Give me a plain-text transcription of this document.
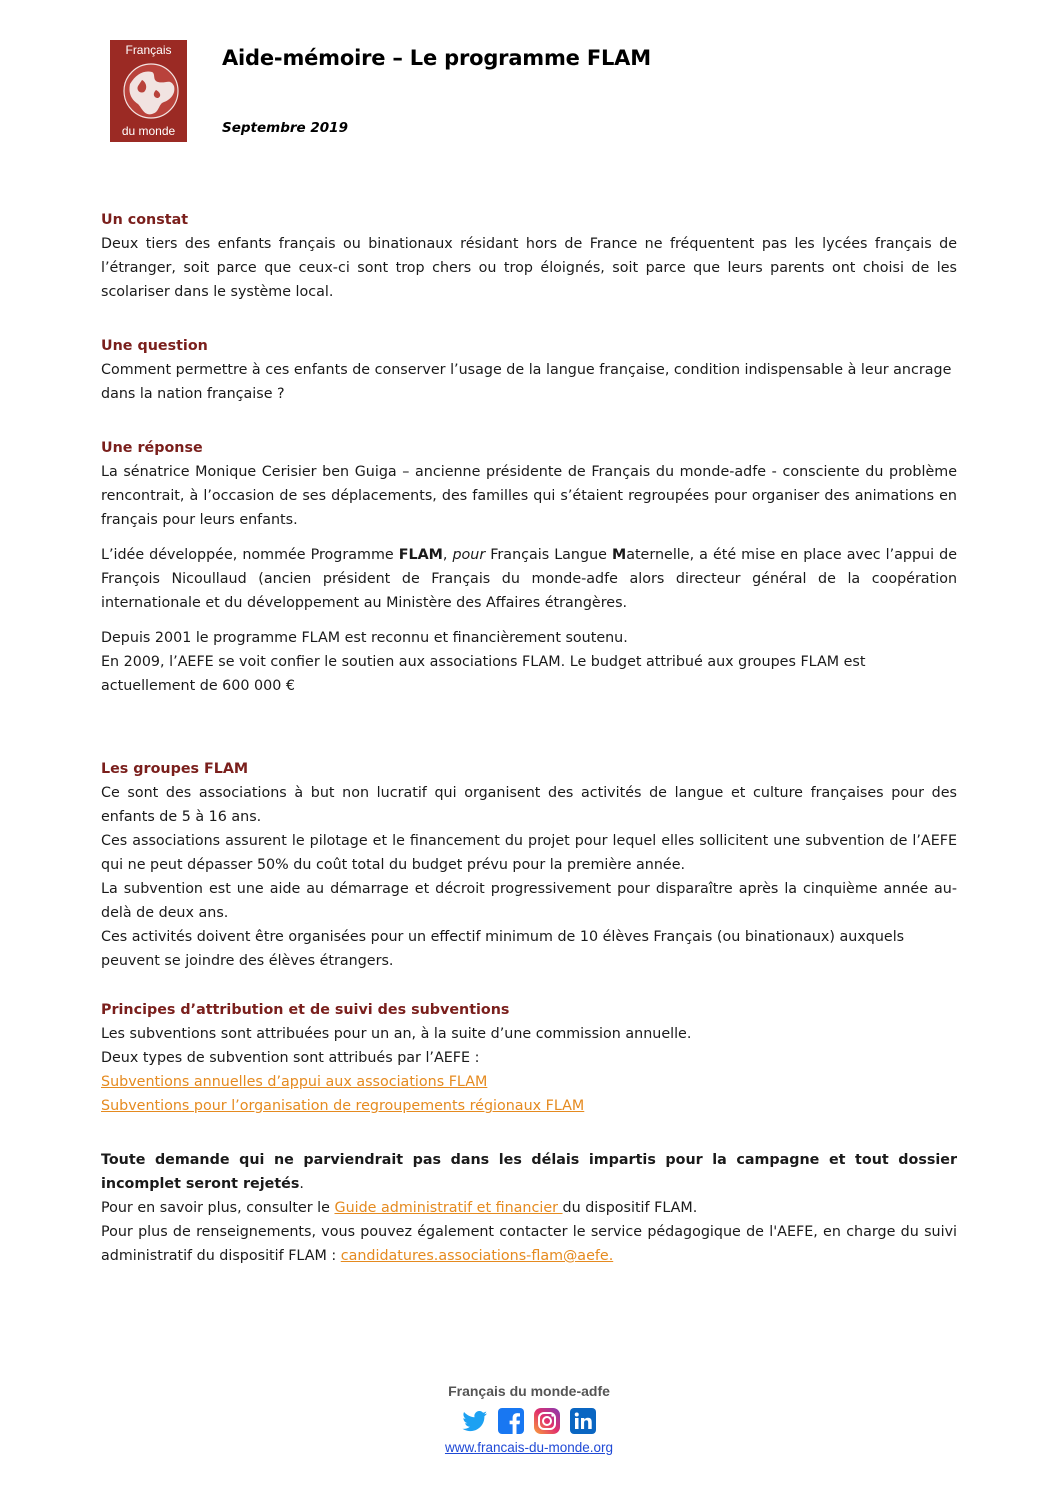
Français
du monde
Aide-mémoire – Le programme FLAM
Septembre 2019
Un constat

Deux tiers des enfants français ou binationaux résidant hors de France ne fréquentent pas les lycées français de l’étranger, soit parce que ceux-ci sont trop chers ou trop éloignés, soit parce que leurs parents ont choisi de les scolariser dans le système local.

Une question

Comment permettre à ces enfants de conserver l’usage de la langue française, condition indispensable à leur ancrage dans la nation française ?

Une réponse

La sénatrice Monique Cerisier ben Guiga – ancienne présidente de Français du monde-adfe - consciente du problème rencontrait, à l’occasion de ses déplacements, des familles qui s’étaient regroupées pour organiser des animations en français pour leurs enfants.

L’idée développée, nommée Programme FLAM, pour Français Langue Maternelle, a été mise en place avec l’appui de François Nicoullaud (ancien président de Français du monde-adfe alors directeur général de la coopération internationale et du développement au Ministère des Affaires étrangères.

Depuis 2001 le programme FLAM est reconnu et financièrement soutenu.

En 2009, l’AEFE se voit confier le soutien aux associations FLAM. Le budget attribué aux groupes FLAM est actuellement de 600 000 €

Les groupes FLAM

Ce sont des associations à but non lucratif qui organisent des activités de langue et culture françaises pour des enfants de 5 à 16 ans.

Ces associations assurent le pilotage et le financement du projet pour lequel elles sollicitent une subvention de l’AEFE qui ne peut dépasser 50% du coût total du budget prévu pour la première année.

La subvention est une aide au démarrage et décroit progressivement pour disparaître après la cinquième année au-delà de deux ans.

Ces activités doivent être organisées pour un effectif minimum de 10 élèves Français (ou binationaux) auxquels peuvent se joindre des élèves étrangers.

Principes d’attribution et de suivi des subventions

Les subventions sont attribuées pour un an, à la suite d’une commission annuelle.

Deux types de subvention sont attribués par l’AEFE :

Subventions annuelles d’appui aux associations FLAM

Subventions pour l’organisation de regroupements régionaux FLAM

Toute demande qui ne parviendrait pas dans les délais impartis pour la campagne et tout dossier incomplet seront rejetés.

Pour en savoir plus, consulter le Guide administratif et financier du dispositif FLAM.

Pour plus de renseignements, vous pouvez également contacter le service pédagogique de l'AEFE, en charge du suivi administratif du dispositif FLAM : candidatures.associations-flam@aefe.

Français du monde-adfe
www.francais-du-monde.org
